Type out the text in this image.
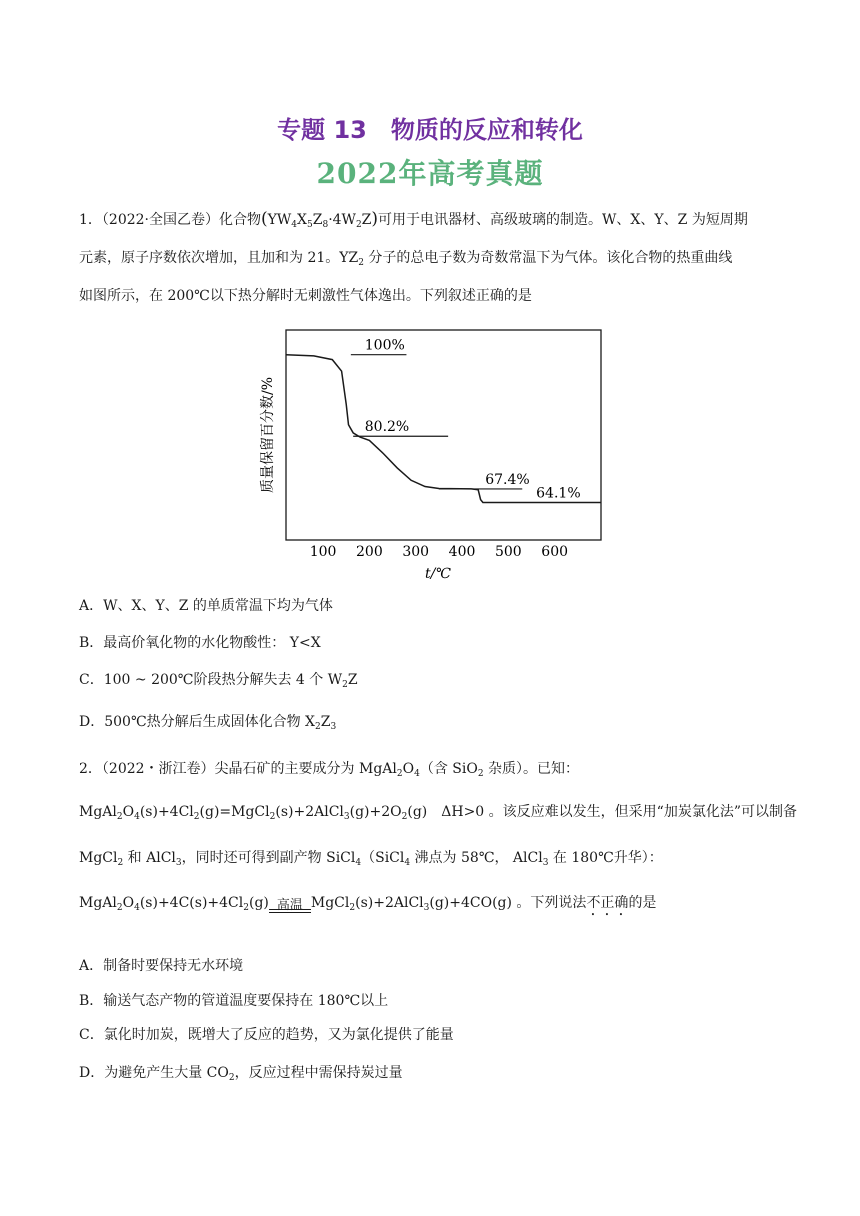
专题 13　物质的反应和转化
2022年高考真题
1．（2022·全国乙卷）化合物$(YW_4X_5Z_8\cdot 4W_2Z)$可用于电讯器材、高级玻璃的制造。W、X、Y、Z 为短周期
元素，原子序数依次增加，且加和为 21。$YZ_2$ 分子的总电子数为奇数常温下为气体。该化合物的热重曲线
如图所示，在 200℃以下热分解时无刺激性气体逸出。下列叙述正确的是
100%
80.2%
67.4%
64.1%
100 200 300 400 500 600
质量保留百分数/%
t/℃
A．W、X、Y、Z 的单质常温下均为气体
B．最高价氧化物的水化物酸性： Y<X
C．100 ~ 200℃阶段热分解失去 4 个 $W_2Z$
D．500℃热分解后生成固体化合物 $X_2Z_3$
2．（2022・浙江卷）尖晶石矿的主要成分为 $MgAl_2O_4$（含 SiO$_2$ 杂质）。已知：
$MgAl_2O_4(s)+4Cl_2(g)=MgCl_2(s)+2AlCl_3(g)+2O_2(g)$　ΔH>0 。该反应难以发生，但采用“加炭氯化法”可以制备
MgCl$_2$ 和 AlCl$_3$，同时还可得到副产物 SiCl$_4$（SiCl$_4$ 沸点为 58℃， AlCl$_3$ 在 180℃升华）：
$MgAl_2O_4(s)+4C(s)+4Cl_2(g)$ 高温 MgCl$_2$(s)+2AlCl$_3$(g)+4CO(g) 。下列说法不正确的是
A．制备时要保持无水环境
B．输送气态产物的管道温度要保持在 180℃以上
C．氯化时加炭，既增大了反应的趋势，又为氯化提供了能量
D．为避免产生大量 $CO_2$，反应过程中需保持炭过量
